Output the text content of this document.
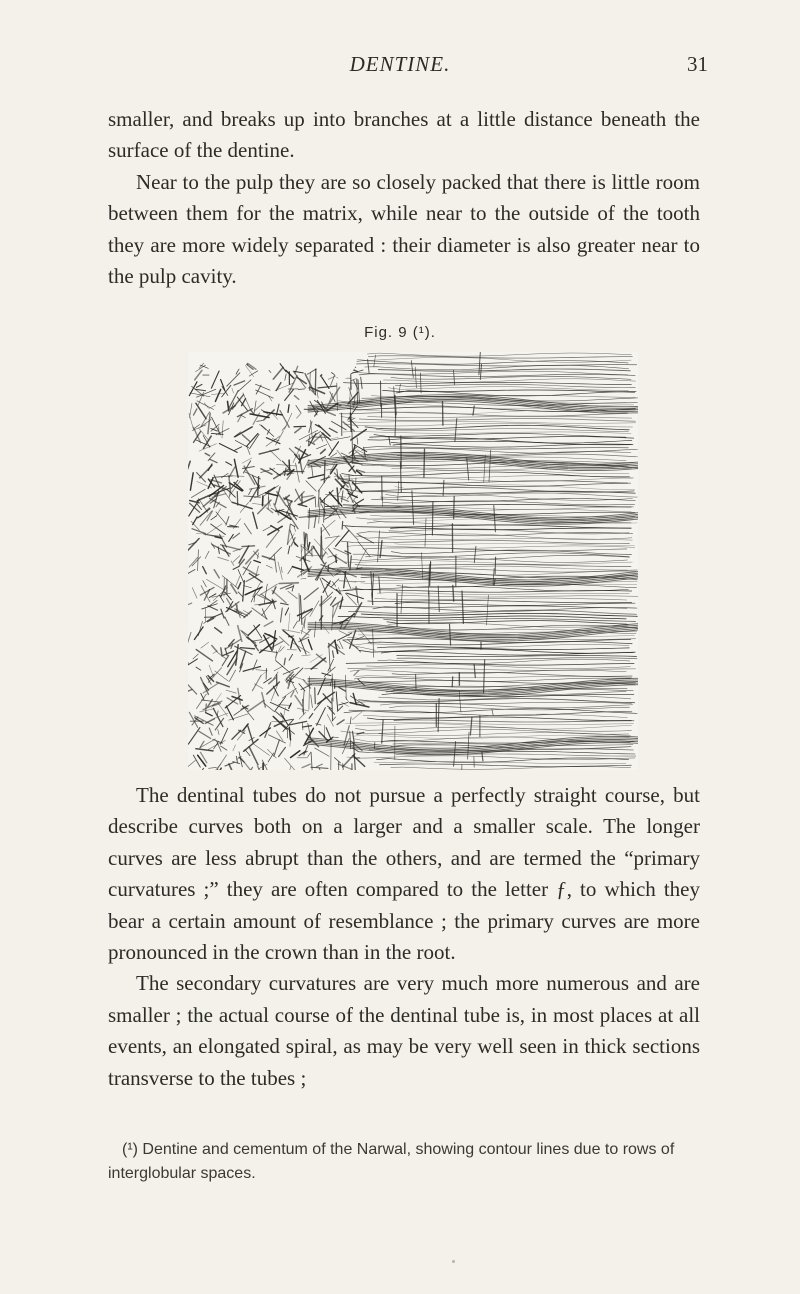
DENTINE.	31

smaller, and breaks up into branches at a little distance beneath the surface of the dentine.

Near to the pulp they are so closely packed that there is little room between them for the matrix, while near to the outside of the tooth they are more widely separated : their diameter is also greater near to the pulp cavity.

Fig. 9 (¹).

The dentinal tubes do not pursue a perfectly straight course, but describe curves both on a larger and a smaller scale. The longer curves are less abrupt than the others, and are termed the “primary curvatures ;” they are often compared to the letter ƒ, to which they bear a certain amount of resemblance ; the primary curves are more pronounced in the crown than in the root.

The secondary curvatures are very much more numerous and are smaller ; the actual course of the dentinal tube is, in most places at all events, an elongated spiral, as may be very well seen in thick sections transverse to the tubes ;

(¹) Dentine and cementum of the Narwal, showing contour lines due to rows of interglobular spaces.
